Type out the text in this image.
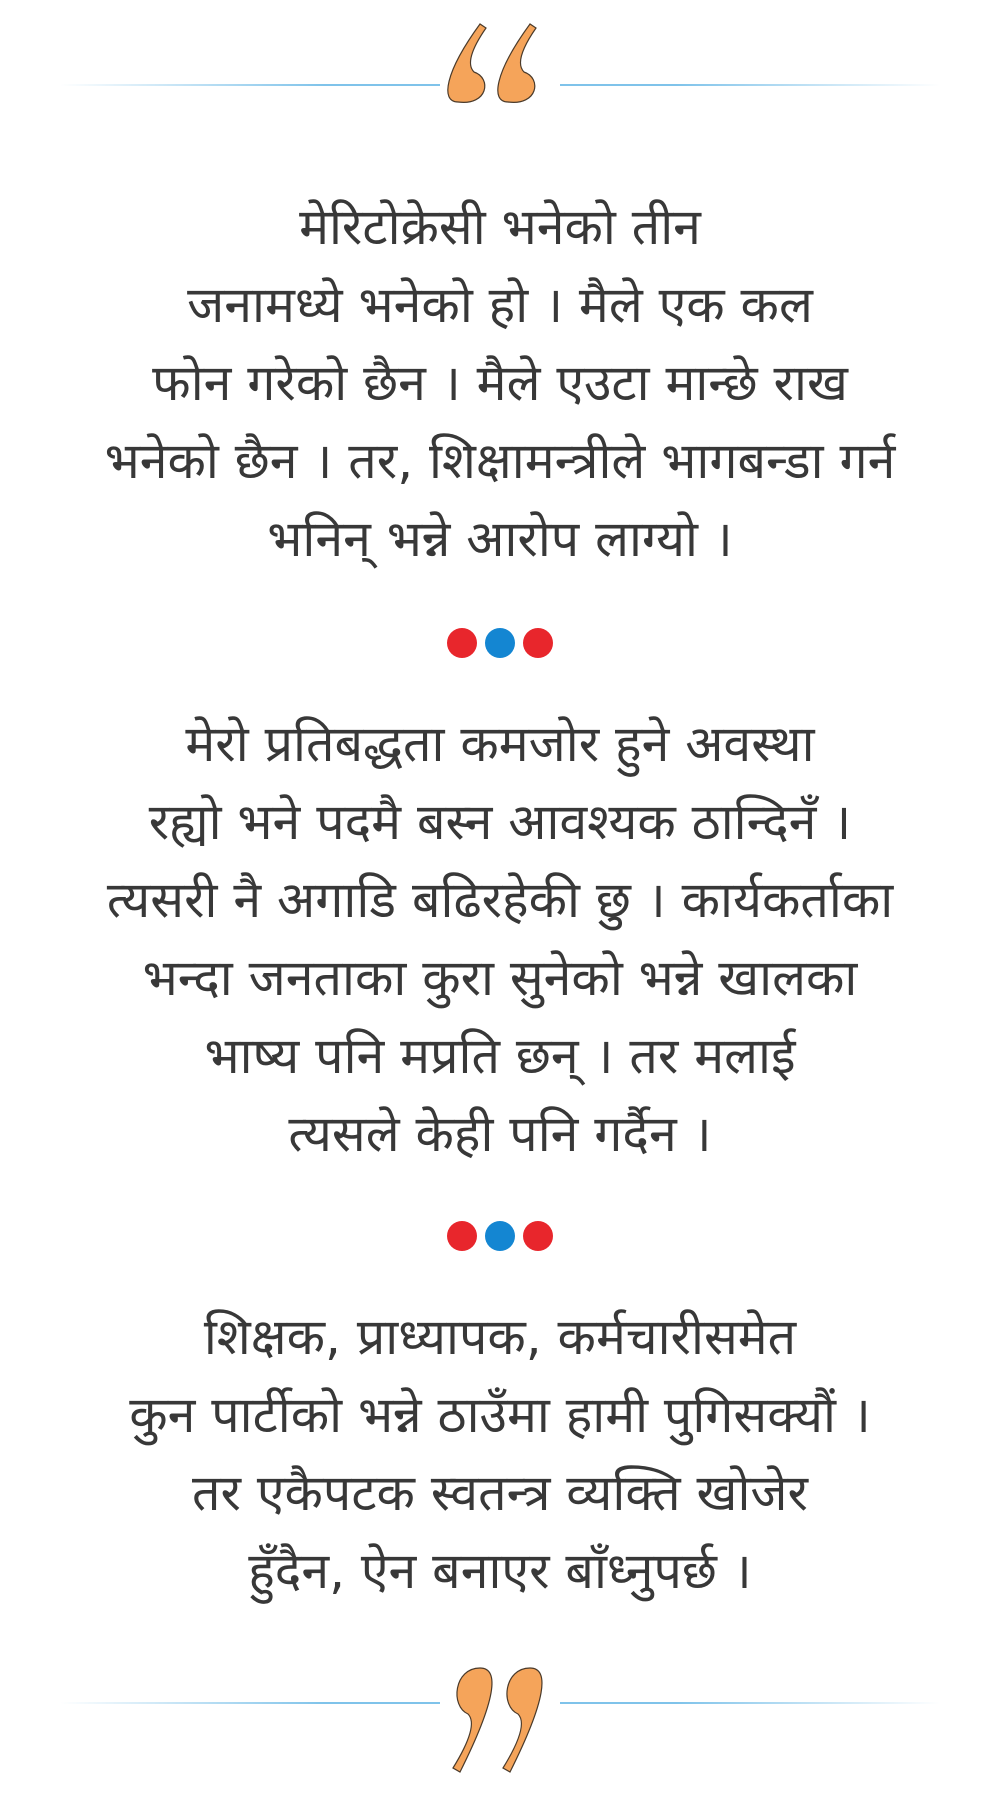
मेरिटोक्रेसी भनेको तीन
जनामध्ये भनेको हो । मैले एक कल
फोन गरेको छैन । मैले एउटा मान्छे राख
भनेको छैन । तर, शिक्षामन्त्रीले भागबन्डा गर्न
भनिन् भन्ने आरोप लाग्यो ।
मेरो प्रतिबद्धता कमजोर हुने अवस्था
रह्यो भने पदमै बस्न आवश्यक ठान्दिनँ ।
त्यसरी नै अगाडि बढिरहेकी छु । कार्यकर्ताका
भन्दा जनताका कुरा सुनेको भन्ने खालका
भाष्य पनि मप्रति छन् । तर मलाई
त्यसले केही पनि गर्दैन ।
शिक्षक, प्राध्यापक, कर्मचारीसमेत
कुन पार्टीको भन्ने ठाउँमा हामी पुगिसक्यौं ।
तर एकैपटक स्वतन्त्र व्यक्ति खोजेर
हुँदैन, ऐन बनाएर बाँध्नुपर्छ ।
